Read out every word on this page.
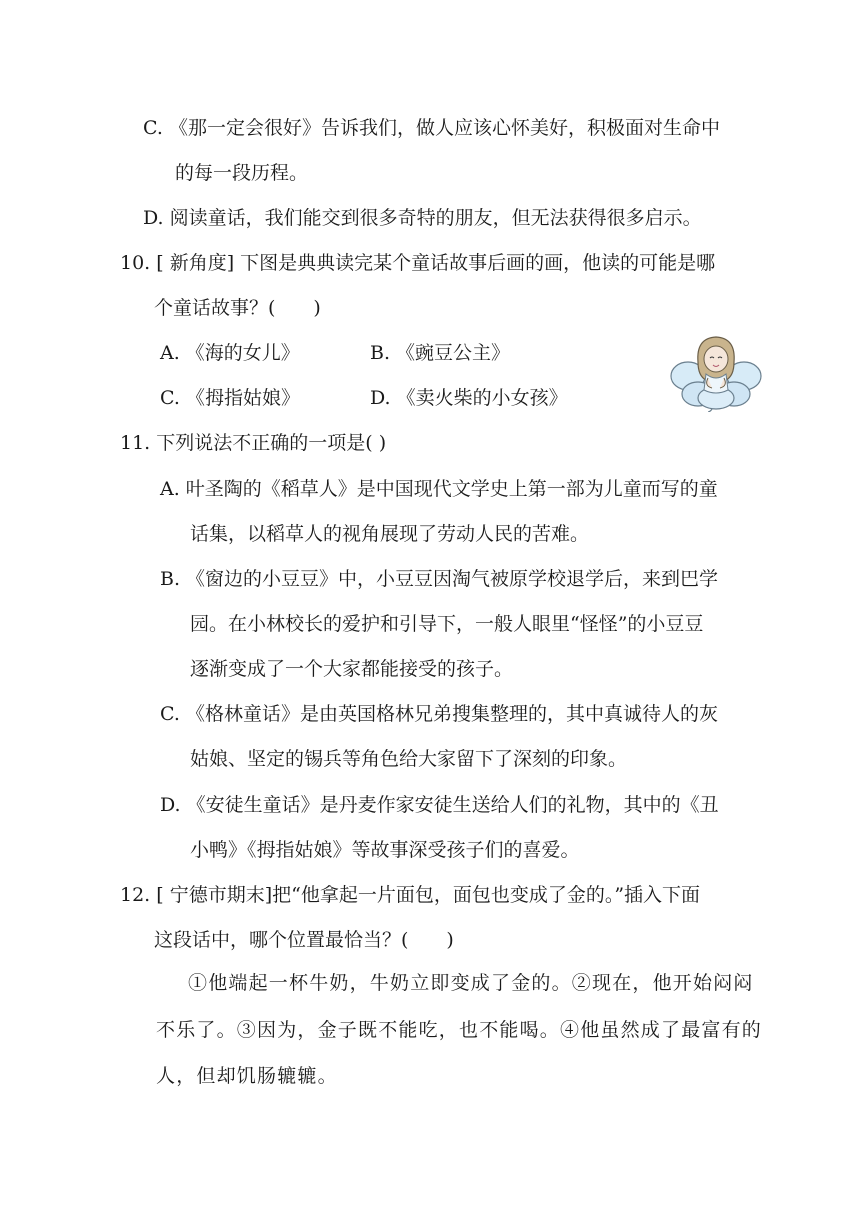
C. 《那一定会很好》告诉我们，做人应该心怀美好，积极面对生命中
的每一段历程。
D. 阅读童话，我们能交到很多奇特的朋友，但无法获得很多启示。
10. [ 新角度] 下图是典典读完某个童话故事后画的画，他读的可能是哪
个童话故事？(　　)
A. 《海的女儿》	B. 《豌豆公主》
C. 《拇指姑娘》	D. 《卖火柴的小女孩》
11. 下列说法不正确的一项是( )
A. 叶圣陶的《稻草人》是中国现代文学史上第一部为儿童而写的童
话集，以稻草人的视角展现了劳动人民的苦难。
B. 《窗边的小豆豆》中，小豆豆因淘气被原学校退学后，来到巴学
园。在小林校长的爱护和引导下，一般人眼里“怪怪”的小豆豆
逐渐变成了一个大家都能接受的孩子。
C. 《格林童话》是由英国格林兄弟搜集整理的，其中真诚待人的灰
姑娘、坚定的锡兵等角色给大家留下了深刻的印象。
D. 《安徒生童话》是丹麦作家安徒生送给人们的礼物，其中的《丑
小鸭》《拇指姑娘》等故事深受孩子们的喜爱。
12. [ 宁德市期末]把“他拿起一片面包，面包也变成了金的。”插入下面
这段话中，哪个位置最恰当？(　　)
①他端起一杯牛奶，牛奶立即变成了金的。②现在，他开始闷闷
不乐了。③因为，金子既不能吃，也不能喝。④他虽然成了最富有的
人，但却饥肠辘辘。
